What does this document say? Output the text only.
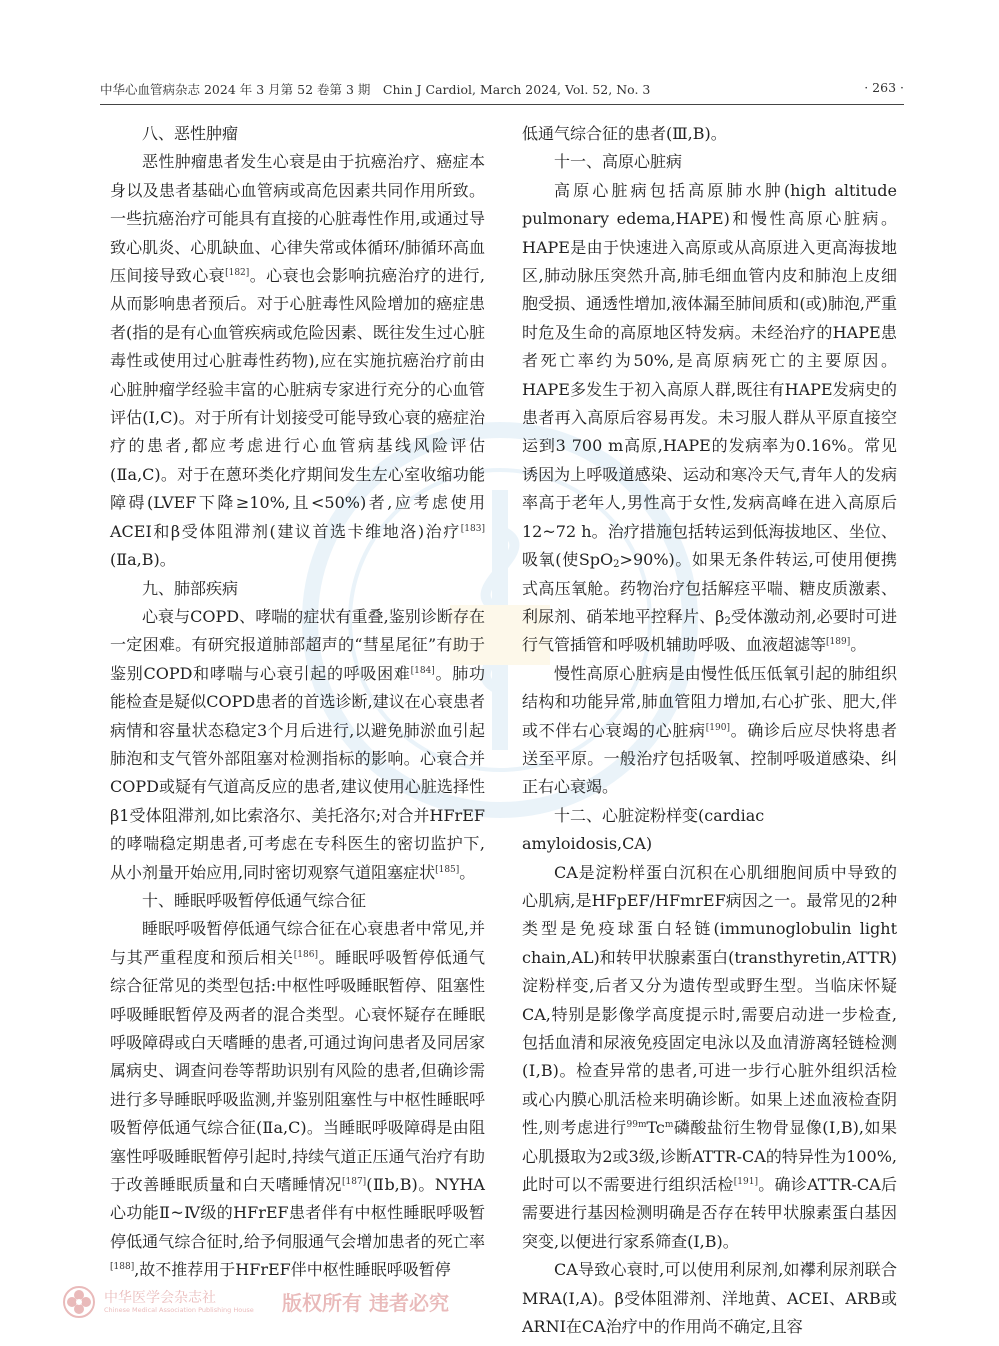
中华心血管病杂志 2024 年 3 月第 52 卷第 3 期　Chin J Cardiol, March 2024, Vol. 52, No. 3	· 263 ·
八、恶性肿瘤

恶性肿瘤患者发生心衰是由于抗癌治疗、癌症本身以及患者基础心血管病或高危因素共同作用所致。一些抗癌治疗可能具有直接的心脏毒性作用,或通过导致心肌炎、心肌缺血、心律失常或体循环/肺循环高血压间接导致心衰[182]。心衰也会影响抗癌治疗的进行,从而影响患者预后。对于心脏毒性风险增加的癌症患者(指的是有心血管疾病或危险因素、既往发生过心脏毒性或使用过心脏毒性药物),应在实施抗癌治疗前由心脏肿瘤学经验丰富的心脏病专家进行充分的心血管评估(Ⅰ,C)。对于所有计划接受可能导致心衰的癌症治疗的患者,都应考虑进行心血管病基线风险评估(Ⅱa,C)。对于在蒽环类化疗期间发生左心室收缩功能障碍(LVEF下降≥10%,且<50%)者,应考虑使用ACEI和β受体阻滞剂(建议首选卡维地洛)治疗[183](Ⅱa,B)。

九、肺部疾病

心衰与COPD、哮喘的症状有重叠,鉴别诊断存在一定困难。有研究报道肺部超声的“彗星尾征”有助于鉴别COPD和哮喘与心衰引起的呼吸困难[184]。肺功能检查是疑似COPD患者的首选诊断,建议在心衰患者病情和容量状态稳定3个月后进行,以避免肺淤血引起肺泡和支气管外部阻塞对检测指标的影响。心衰合并COPD或疑有气道高反应的患者,建议使用心脏选择性β1受体阻滞剂,如比索洛尔、美托洛尔;对合并HFrEF的哮喘稳定期患者,可考虑在专科医生的密切监护下,从小剂量开始应用,同时密切观察气道阻塞症状[185]。

十、睡眠呼吸暂停低通气综合征

睡眠呼吸暂停低通气综合征在心衰患者中常见,并与其严重程度和预后相关[186]。睡眠呼吸暂停低通气综合征常见的类型包括:中枢性呼吸睡眠暂停、阻塞性呼吸睡眠暂停及两者的混合类型。心衰怀疑存在睡眠呼吸障碍或白天嗜睡的患者,可通过询问患者及同居家属病史、调查问卷等帮助识别有风险的患者,但确诊需进行多导睡眠呼吸监测,并鉴别阻塞性与中枢性睡眠呼吸暂停低通气综合征(Ⅱa,C)。当睡眠呼吸障碍是由阻塞性呼吸睡眠暂停引起时,持续气道正压通气治疗有助于改善睡眠质量和白天嗜睡情况[187](Ⅱb,B)。NYHA心功能Ⅱ~Ⅳ级的HFrEF患者伴有中枢性睡眠呼吸暂停低通气综合征时,给予伺服通气会增加患者的死亡率[188],故不推荐用于HFrEF伴中枢性睡眠呼吸暂停

低通气综合征的患者(Ⅲ,B)。

十一、高原心脏病

高原心脏病包括高原肺水肿(high altitude pulmonary edema,HAPE)和慢性高原心脏病。HAPE是由于快速进入高原或从高原进入更高海拔地区,肺动脉压突然升高,肺毛细血管内皮和肺泡上皮细胞受损、通透性增加,液体漏至肺间质和(或)肺泡,严重时危及生命的高原地区特发病。未经治疗的HAPE患者死亡率约为50%,是高原病死亡的主要原因。HAPE多发生于初入高原人群,既往有HAPE发病史的患者再入高原后容易再发。未习服人群从平原直接空运到3 700 m高原,HAPE的发病率为0.16%。常见诱因为上呼吸道感染、运动和寒冷天气,青年人的发病率高于老年人,男性高于女性,发病高峰在进入高原后12~72 h。治疗措施包括转运到低海拔地区、坐位、吸氧(使SpO$_2$>90%)。如果无条件转运,可使用便携式高压氧舱。药物治疗包括解痉平喘、糖皮质激素、利尿剂、硝苯地平控释片、$\beta_2$受体激动剂,必要时可进行气管插管和呼吸机辅助呼吸、血液超滤等[189]。

慢性高原心脏病是由慢性低压低氧引起的肺组织结构和功能异常,肺血管阻力增加,右心扩张、肥大,伴或不伴右心衰竭的心脏病[190]。确诊后应尽快将患者送至平原。一般治疗包括吸氧、控制呼吸道感染、纠正右心衰竭。

十二、心脏淀粉样变(cardiac amyloidosis,CA)

CA是淀粉样蛋白沉积在心肌细胞间质中导致的心肌病,是HFpEF/HFmrEF病因之一。最常见的2种类型是免疫球蛋白轻链(immunoglobulin light chain,AL)和转甲状腺素蛋白(transthyretin,ATTR)淀粉样变,后者又分为遗传型或野生型。当临床怀疑CA,特别是影像学高度提示时,需要启动进一步检查,包括血清和尿液免疫固定电泳以及血清游离轻链检测(Ⅰ,B)。检查异常的患者,可进一步行心脏外组织活检或心内膜心肌活检来明确诊断。如果上述血液检查阴性,则考虑进行$^{99m}$Tc$^m$磷酸盐衍生物骨显像(Ⅰ,B),如果心肌摄取为2或3级,诊断ATTR-CA的特异性为100%,此时可以不需要进行组织活检[191]。确诊ATTR-CA后需要进行基因检测明确是否存在转甲状腺素蛋白基因突变,以便进行家系筛查(Ⅰ,B)。

CA导致心衰时,可以使用利尿剂,如襻利尿剂联合MRA(Ⅰ,A)。β受体阻滞剂、洋地黄、ACEI、ARB或ARNI在CA治疗中的作用尚不确定,且容

中华医学会杂志社
Chinese Medical Association Publishing House 版权所有 违者必究
